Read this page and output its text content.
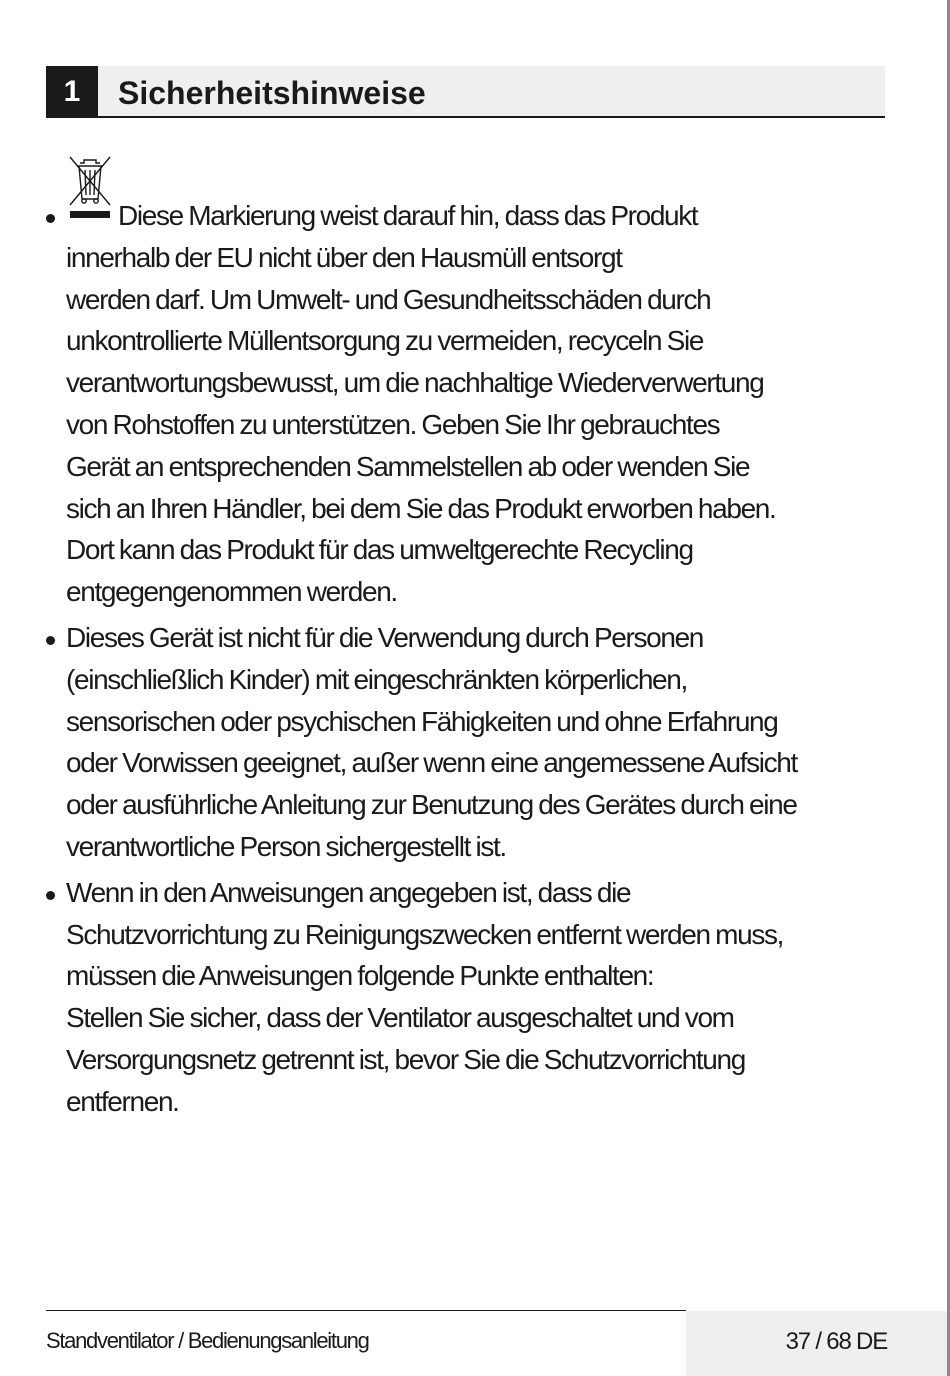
1	Sicherheitshinweise
Diese Markierung weist darauf hin, dass das Produkt
innerhalb der EU nicht über den Hausmüll entsorgt
werden darf. Um Umwelt- und Gesundheitsschäden durch
unkontrollierte Müllentsorgung zu vermeiden, recyceln Sie
verantwortungsbewusst, um die nachhaltige Wiederverwertung
von Rohstoffen zu unterstützen. Geben Sie Ihr gebrauchtes
Gerät an entsprechenden Sammelstellen ab oder wenden Sie
sich an Ihren Händler, bei dem Sie das Produkt erworben haben.
Dort kann das Produkt für das umweltgerechte Recycling
entgegengenommen werden.
Dieses Gerät ist nicht für die Verwendung durch Personen
(einschließlich Kinder) mit eingeschränkten körperlichen,
sensorischen oder psychischen Fähigkeiten und ohne Erfahrung
oder Vorwissen geeignet, außer wenn eine angemessene Aufsicht
oder ausführliche Anleitung zur Benutzung des Gerätes durch eine
verantwortliche Person sichergestellt ist.
Wenn in den Anweisungen angegeben ist, dass die
Schutzvorrichtung zu Reinigungszwecken entfernt werden muss,
müssen die Anweisungen folgende Punkte enthalten:
Stellen Sie sicher, dass der Ventilator ausgeschaltet und vom
Versorgungsnetz getrennt ist, bevor Sie die Schutzvorrichtung
entfernen.
Standventilator / Bedienungsanleitung	37 / 68 DE
